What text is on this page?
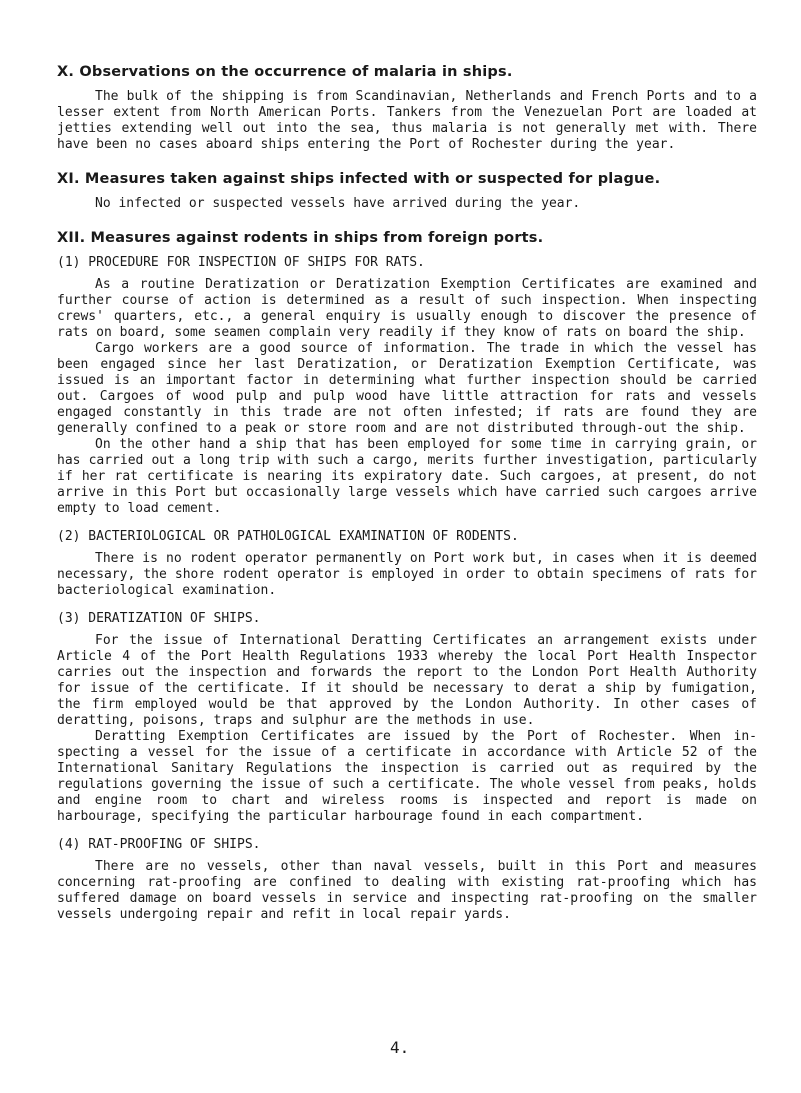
X. Observations on the occurrence of malaria in ships.

The bulk of the shipping is from Scandinavian, Netherlands and French Ports and to a lesser extent from North American Ports. Tankers from the Venezuelan Port are loaded at jetties extending well out into the sea, thus malaria is not generally met with. There have been no cases aboard ships entering the Port of Rochester during the year.

XI. Measures taken against ships infected with or suspected for plague.

No infected or suspected vessels have arrived during the year.

XII. Measures against rodents in ships from foreign ports.
(1) PROCEDURE FOR INSPECTION OF SHIPS FOR RATS.

As a routine Deratization or Deratization Exemption Certificates are examined and further course of action is determined as a result of such inspection. When inspecting crews' quarters, etc., a general enquiry is usually enough to discover the presence of rats on board, some seamen complain very readily if they know of rats on board the ship.

Cargo workers are a good source of information. The trade in which the vessel has been engaged since her last Deratization, or Deratization Exemption Certificate, was issued is an important factor in determining what further inspection should be carried out. Cargoes of wood pulp and pulp wood have little attraction for rats and vessels engaged constantly in this trade are not often infested; if rats are found they are generally confined to a peak or store room and are not distributed through-out the ship.

On the other hand a ship that has been employed for some time in carrying grain, or has carried out a long trip with such a cargo, merits further investigation, particularly if her rat certificate is nearing its expiratory date. Such cargoes, at present, do not arrive in this Port but occasionally large vessels which have carried such cargoes arrive empty to load cement.

(2) BACTERIOLOGICAL OR PATHOLOGICAL EXAMINATION OF RODENTS.

There is no rodent operator permanently on Port work but, in cases when it is deemed necessary, the shore rodent operator is employed in order to obtain specimens of rats for bacteriological examination.

(3) DERATIZATION OF SHIPS.

For the issue of International Deratting Certificates an arrangement exists under Article 4 of the Port Health Regulations 1933 whereby the local Port Health Inspector carries out the inspection and forwards the report to the London Port Health Authority for issue of the certificate. If it should be necessary to derat a ship by fumigation, the firm employed would be that approved by the London Authority. In other cases of deratting, poisons, traps and sulphur are the methods in use.

Deratting Exemption Certificates are issued by the Port of Rochester. When in-specting a vessel for the issue of a certificate in accordance with Article 52 of the International Sanitary Regulations the inspection is carried out as required by the regulations governing the issue of such a certificate. The whole vessel from peaks, holds and engine room to chart and wireless rooms is inspected and report is made on harbourage, specifying the particular harbourage found in each compartment.

(4) RAT-PROOFING OF SHIPS.

There are no vessels, other than naval vessels, built in this Port and measures concerning rat-proofing are confined to dealing with existing rat-proofing which has suffered damage on board vessels in service and inspecting rat-proofing on the smaller vessels undergoing repair and refit in local repair yards.

4.
